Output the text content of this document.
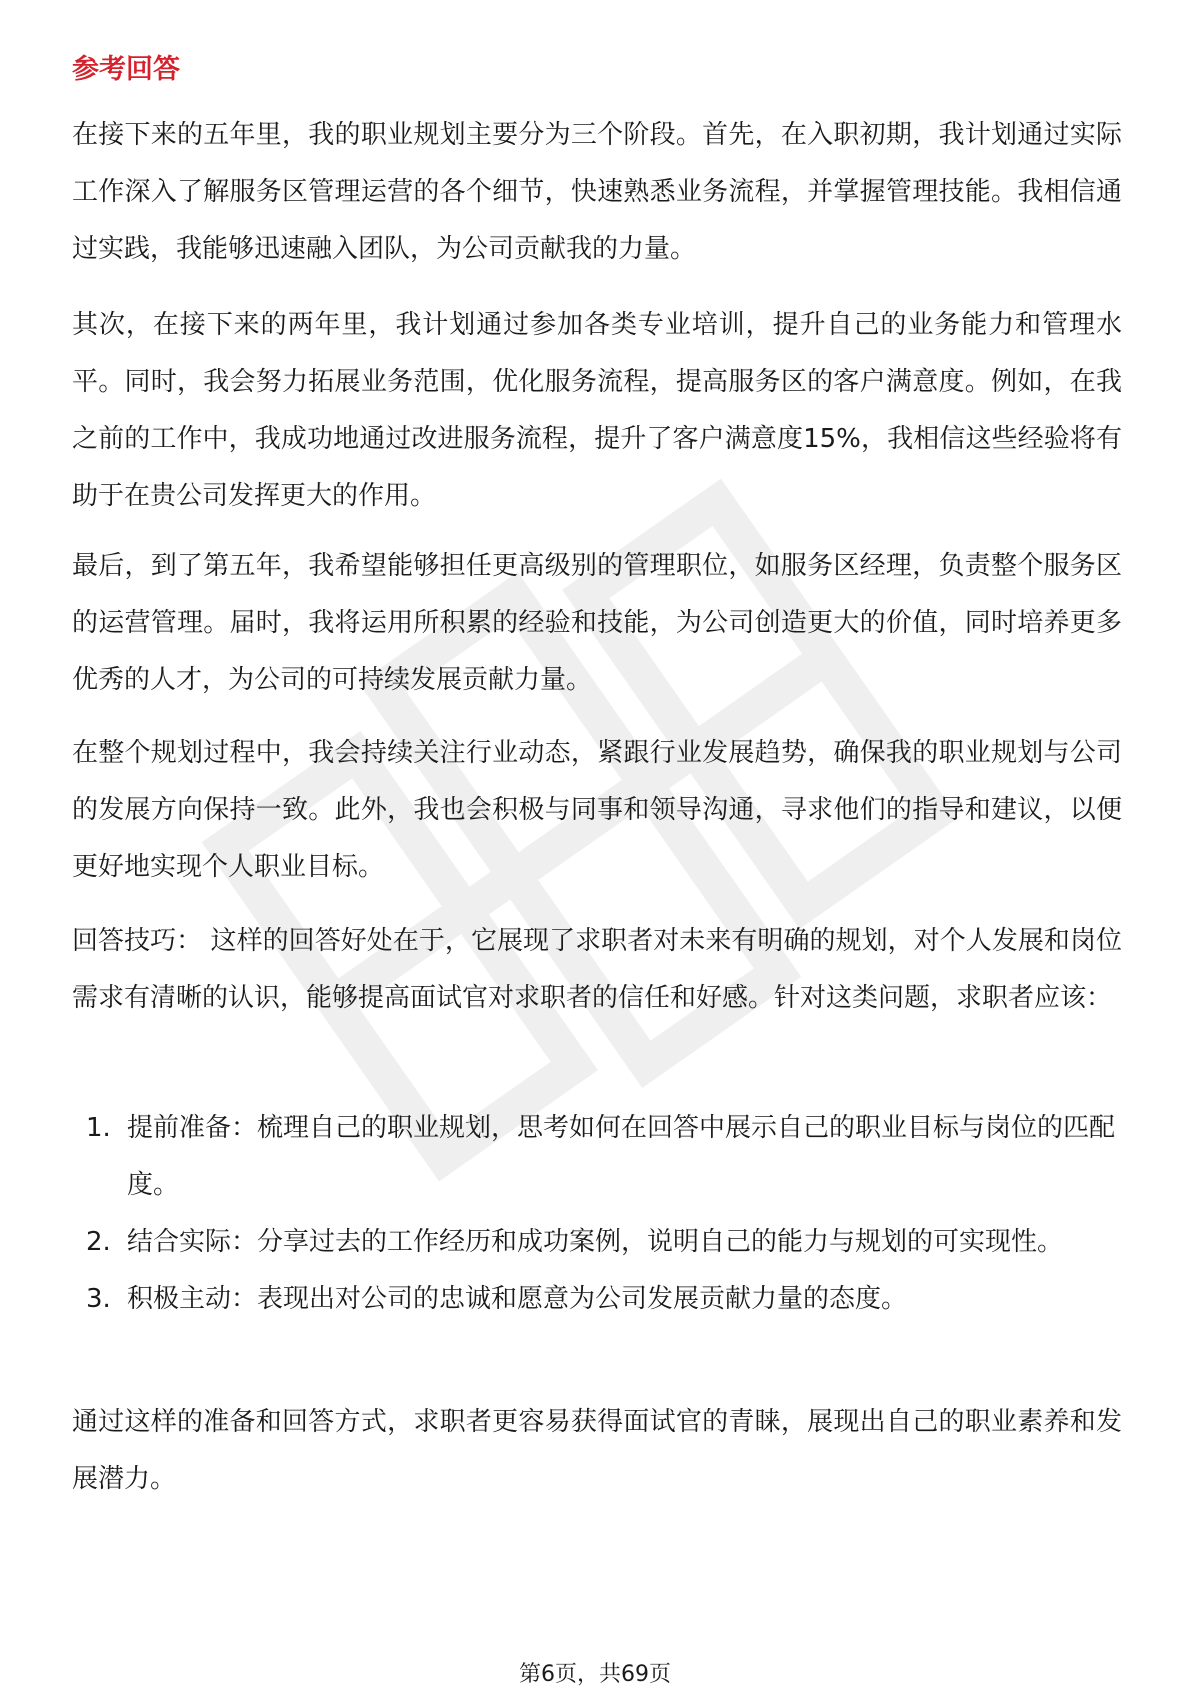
参考回答

在接下来的五年里，我的职业规划主要分为三个阶段。首先，在入职初期，我计划通过实际工作深入了解服务区管理运营的各个细节，快速熟悉业务流程，并掌握管理技能。我相信通过实践，我能够迅速融入团队，为公司贡献我的力量。

其次，在接下来的两年里，我计划通过参加各类专业培训，提升自己的业务能力和管理水平。同时，我会努力拓展业务范围，优化服务流程，提高服务区的客户满意度。例如，在我之前的工作中，我成功地通过改进服务流程，提升了客户满意度15%，我相信这些经验将有助于在贵公司发挥更大的作用。

最后，到了第五年，我希望能够担任更高级别的管理职位，如服务区经理，负责整个服务区的运营管理。届时，我将运用所积累的经验和技能，为公司创造更大的价值，同时培养更多优秀的人才，为公司的可持续发展贡献力量。

在整个规划过程中，我会持续关注行业动态，紧跟行业发展趋势，确保我的职业规划与公司的发展方向保持一致。此外，我也会积极与同事和领导沟通，寻求他们的指导和建议，以便更好地实现个人职业目标。

回答技巧： 这样的回答好处在于，它展现了求职者对未来有明确的规划，对个人发展和岗位需求有清晰的认识，能够提高面试官对求职者的信任和好感。针对这类问题，求职者应该：

1. 提前准备：梳理自己的职业规划，思考如何在回答中展示自己的职业目标与岗位的匹配度。
2. 结合实际：分享过去的工作经历和成功案例，说明自己的能力与规划的可实现性。
3. 积极主动：表现出对公司的忠诚和愿意为公司发展贡献力量的态度。

通过这样的准备和回答方式，求职者更容易获得面试官的青睐，展现出自己的职业素养和发展潜力。

第6页，共69页
